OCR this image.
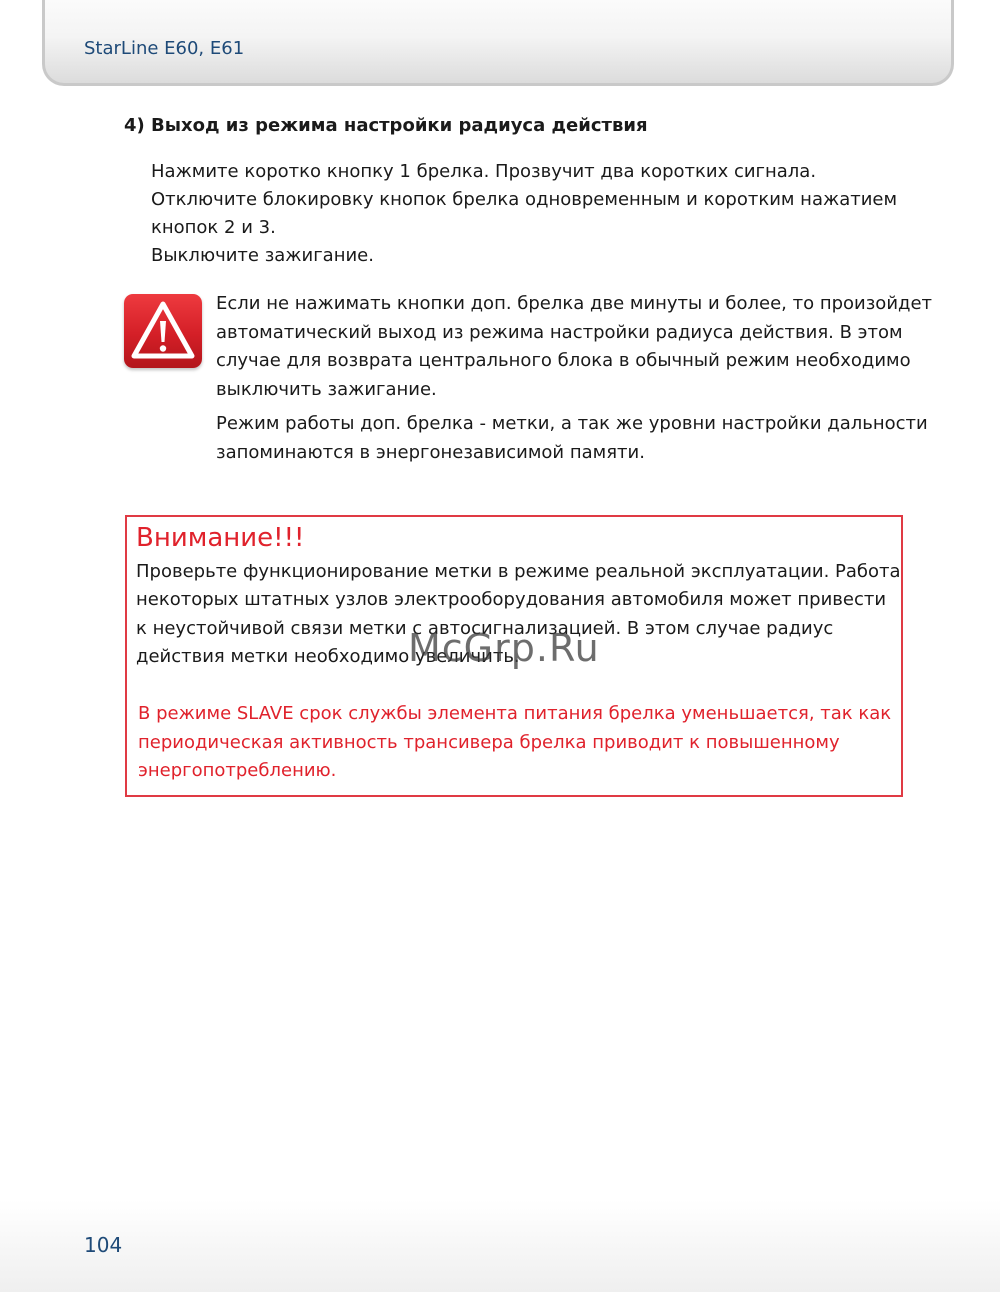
StarLine E60, E61
4) Выход из режима настройки радиуса действия

Нажмите коротко кнопку 1 брелка. Прозвучит два коротких сигнала.

Отключите блокировку кнопок брелка одновременным и коротким нажатием кнопок 2 и 3.

Выключите зажигание.

Если не нажимать кнопки доп. брелка две минуты и более, то произойдет автоматический выход из режима настройки радиуса действия. В этом случае для возврата центрального блока в обычный режим необходимо выключить зажигание.

Режим работы доп. брелка - метки, а так же уровни настройки дальности запоминаются в энергонезависимой памяти.

Внимание!!!
Проверьте функционирование метки в режиме реальной эксплуатации. Работа некоторых штатных узлов электрооборудования автомобиля может привести к неустойчивой связи метки с автосигнализацией. В этом случае радиус действия метки необходимо увеличить.
В режиме SLAVE срок службы элемента питания брелка уменьшается, так как периодическая активность трансивера брелка приводит к повышенному энергопотреблению.
McGrp.Ru
104
